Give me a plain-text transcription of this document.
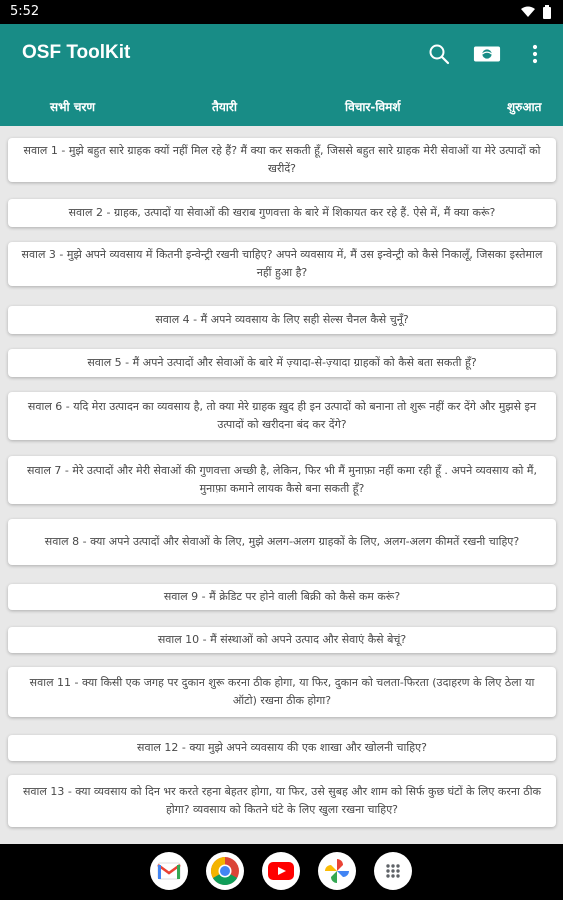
5:52
OSF ToolKit
सभी चरण	तैयारी	विचार-विमर्श	शुरुआत
सवाल 1 - मुझे बहुत सारे ग्राहक क्यों नहीं मिल रहे हैं? मैं क्या कर सकती हूँ, जिससे बहुत सारे ग्राहक मेरी सेवाओं या मेरे उत्पादों को खरीदें?
सवाल 2 - ग्राहक, उत्पादों या सेवाओं की खराब गुणवत्ता के बारे में शिकायत कर रहे हैं. ऐसे में, मैं क्या करूं?
सवाल 3 - मुझे अपने व्यवसाय में कितनी इन्वेन्ट्री रखनी चाहिए? अपने व्यवसाय में, मैं उस इन्वेन्ट्री को कैसे निकालूँ, जिसका इस्तेमाल नहीं हुआ है?
सवाल 4 - मैं अपने व्यवसाय के लिए सही सेल्स चैनल कैसे चुनूँ?
सवाल 5 - मैं अपने उत्पादों और सेवाओं के बारे में ज़्यादा-से-ज़्यादा ग्राहकों को कैसे बता सकती हूँ?
सवाल 6 - यदि मेरा उत्पादन का व्यवसाय है, तो क्या मेरे ग्राहक ख़ुद ही इन उत्पादों को बनाना तो शुरू नहीं कर देंगे और मुझसे इन उत्पादों को खरीदना बंद कर देंगे?
सवाल 7 - मेरे उत्पादों और मेरी सेवाओं की गुणवत्ता अच्छी है, लेकिन, फिर भी मैं मुनाफ़ा नहीं कमा रही हूँ . अपने व्यवसाय को मैं, मुनाफ़ा कमाने लायक कैसे बना सकती हूँ?
सवाल 8 - क्या अपने उत्पादों और सेवाओं के लिए, मुझे अलग-अलग ग्राहकों के लिए, अलग-अलग कीमतें रखनी चाहिए?
सवाल 9 - मैं क्रेडिट पर होने वाली बिक्री को कैसे कम करूं?
सवाल 10 - मैं संस्थाओं को अपने उत्पाद और सेवाएं कैसे बेचूं?
सवाल 11 - क्या किसी एक जगह पर दुकान शुरू करना ठीक होगा, या फिर, दुकान को चलता-फिरता (उदाहरण के लिए ठेला या ऑटो) रखना ठीक होगा?
सवाल 12 - क्या मुझे अपने व्यवसाय की एक शाखा और खोलनी चाहिए?
सवाल 13 - क्या व्यवसाय को दिन भर करते रहना बेहतर होगा, या फिर, उसे सुबह और शाम को सिर्फ कुछ घंटों के लिए करना ठीक होगा? व्यवसाय को कितने घंटे के लिए खुला रखना चाहिए?
